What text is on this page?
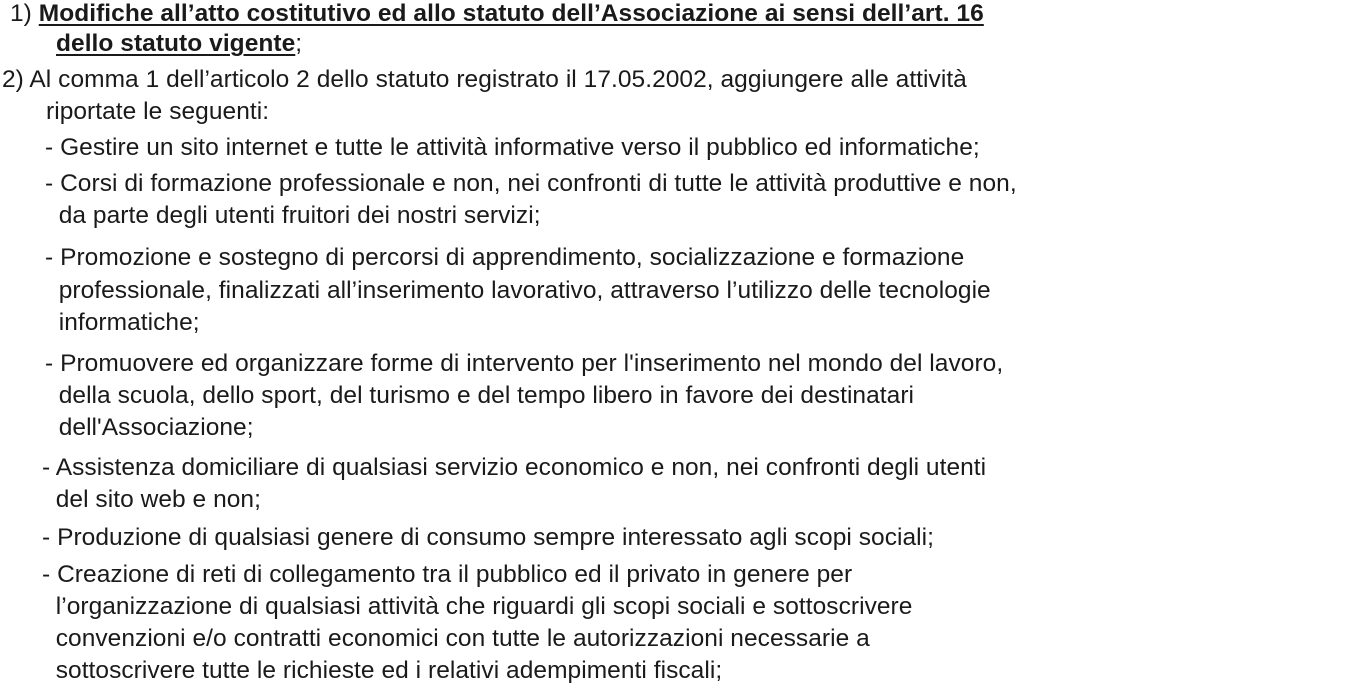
1) Modifiche all’atto costitutivo ed allo statuto dell’Associazione ai sensi dell’art. 16
dello statuto vigente;
2) Al comma 1 dell’articolo 2 dello statuto registrato il 17.05.2002, aggiungere alle attività
riportate le seguenti:
- Gestire un sito internet e tutte le attività informative verso il pubblico ed informatiche;
- Corsi di formazione professionale e non, nei confronti di tutte le attività produttive e non,
da parte degli utenti fruitori dei nostri servizi;
- Promozione e sostegno di percorsi di apprendimento, socializzazione e formazione
professionale, finalizzati all’inserimento lavorativo, attraverso l’utilizzo delle tecnologie
informatiche;
- Promuovere ed organizzare forme di intervento per l'inserimento nel mondo del lavoro,
della scuola, dello sport, del turismo e del tempo libero in favore dei destinatari
dell'Associazione;
- Assistenza domiciliare di qualsiasi servizio economico e non, nei confronti degli utenti
del sito web e non;
- Produzione di qualsiasi genere di consumo sempre interessato agli scopi sociali;
- Creazione di reti di collegamento tra il pubblico ed il privato in genere per
l’organizzazione di qualsiasi attività che riguardi gli scopi sociali e sottoscrivere
convenzioni e/o contratti economici con tutte le autorizzazioni necessarie a
sottoscrivere tutte le richieste ed i relativi adempimenti fiscali;
